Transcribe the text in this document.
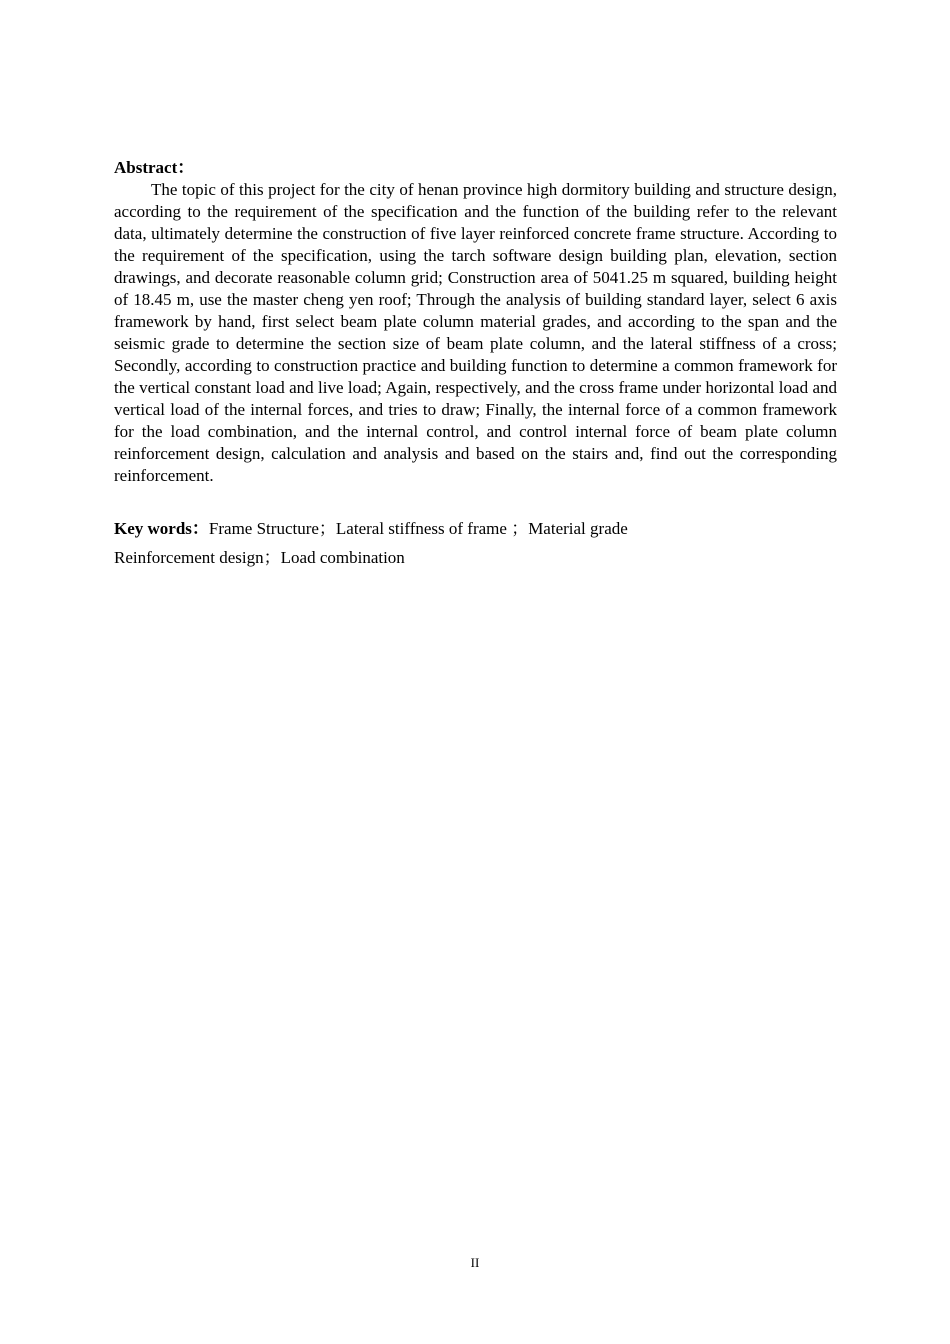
Abstract：

The topic of this project for the city of henan province high dormitory building and structure design, according to the requirement of the specification and the function of the building refer to the relevant data, ultimately determine the construction of five layer reinforced concrete frame structure. According to the requirement of the specification, using the tarch software design building plan, elevation, section drawings, and decorate reasonable column grid; Construction area of 5041.25 m squared, building height of 18.45 m, use the master cheng yen roof; Through the analysis of building standard layer, select 6 axis framework by hand, first select beam plate column material grades, and according to the span and the seismic grade to determine the section size of beam plate column, and the lateral stiffness of a cross; Secondly, according to construction practice and building function to determine a common framework for the vertical constant load and live load; Again, respectively, and the cross frame under horizontal load and vertical load of the internal forces, and tries to draw; Finally, the internal force of a common framework for the load combination, and the internal control, and control internal force of beam plate column reinforcement design, calculation and analysis and based on the stairs and, find out the corresponding reinforcement.

Key words：Frame Structure；Lateral stiffness of frame ；Material grade
Reinforcement design；Load combination
II
